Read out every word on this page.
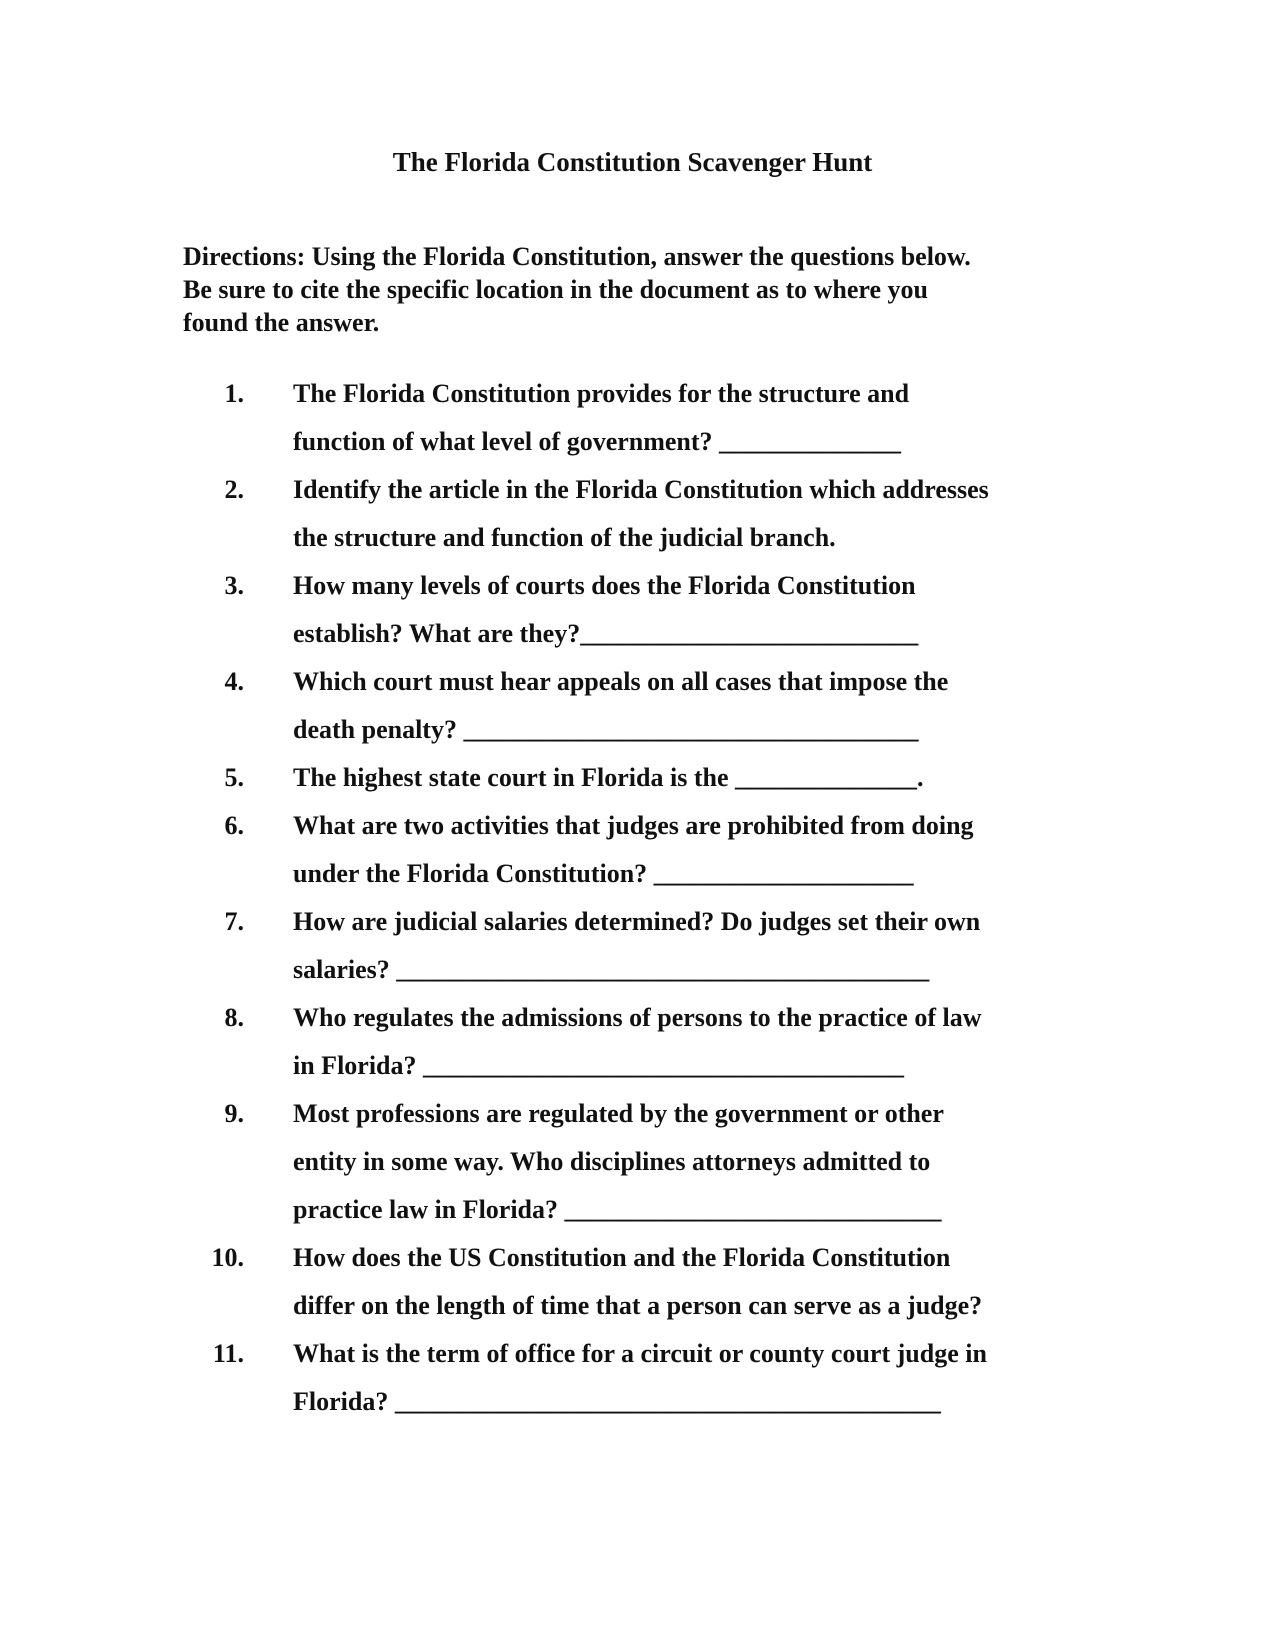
The Florida Constitution Scavenger Hunt
Directions: Using the Florida Constitution, answer the questions below.
Be sure to cite the specific location in the document as to where you
found the answer.
1. The Florida Constitution provides for the structure and
function of what level of government? ______________
2. Identify the article in the Florida Constitution which addresses
the structure and function of the judicial branch.
3. How many levels of courts does the Florida Constitution
establish? What are they?__________________________
4. Which court must hear appeals on all cases that impose the
death penalty? ___________________________________
5. The highest state court in Florida is the ______________.
6. What are two activities that judges are prohibited from doing
under the Florida Constitution? ____________________
7. How are judicial salaries determined? Do judges set their own
salaries? _________________________________________
8. Who regulates the admissions of persons to the practice of law
in Florida? _____________________________________
9. Most professions are regulated by the government or other
entity in some way. Who disciplines attorneys admitted to
practice law in Florida? _____________________________
10. How does the US Constitution and the Florida Constitution
differ on the length of time that a person can serve as a judge?
11. What is the term of office for a circuit or county court judge in
Florida? __________________________________________
